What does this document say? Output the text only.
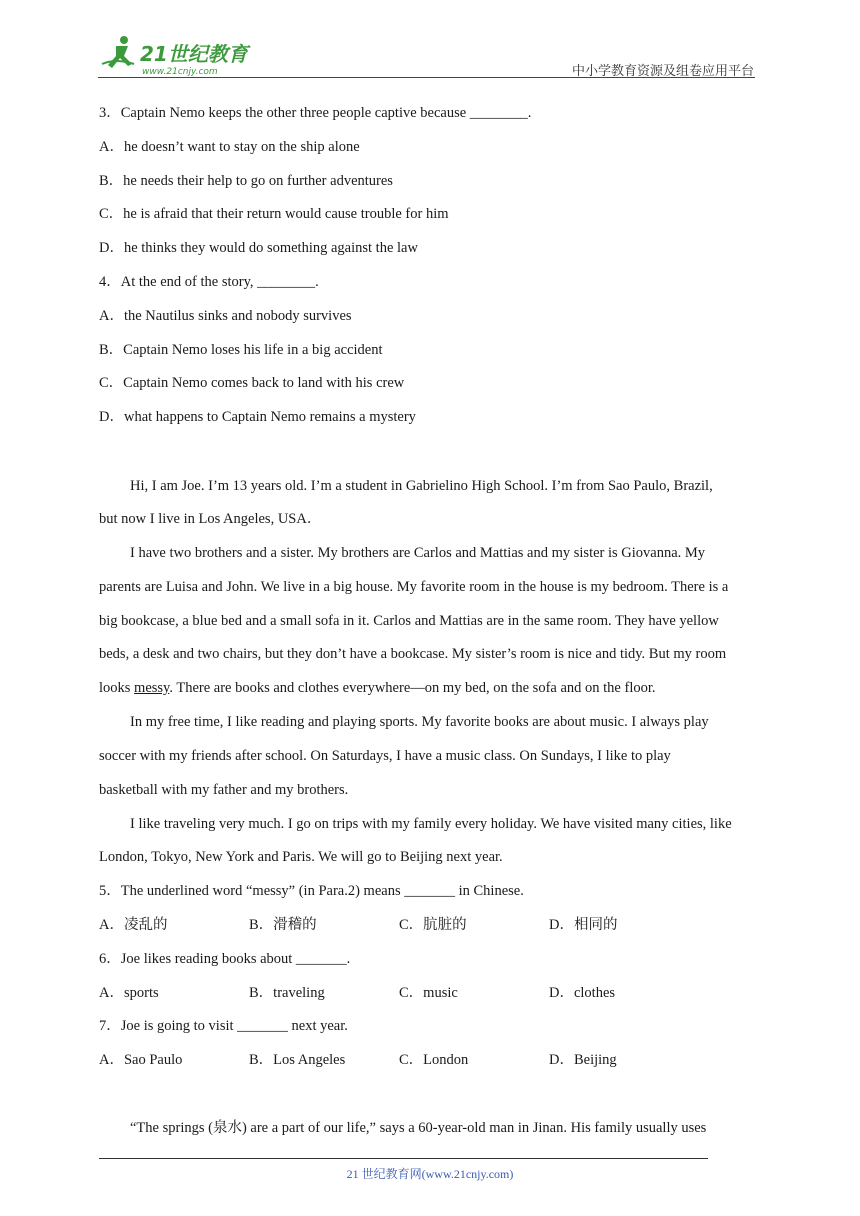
21世纪教育
www.21cnjy.com	中小学教育资源及组卷应用平台
3．Captain Nemo keeps the other three people captive because ________.
A．he doesn’t want to stay on the ship alone
B．he needs their help to go on further adventures
C．he is afraid that their return would cause trouble for him
D．he thinks they would do something against the law
4．At the end of the story, ________.
A．the Nautilus sinks and nobody survives
B．Captain Nemo loses his life in a big accident
C．Captain Nemo comes back to land with his crew
D．what happens to Captain Nemo remains a mystery
Hi, I am Joe. I’m 13 years old. I’m a student in Gabrielino High School. I’m from Sao Paulo, Brazil,
but now I live in Los Angeles, USA．
I have two brothers and a sister. My brothers are Carlos and Mattias and my sister is Giovanna. My
parents are Luisa and John. We live in a big house. My favorite room in the house is my bedroom. There is a
big bookcase, a blue bed and a small sofa in it. Carlos and Mattias are in the same room. They have yellow
beds, a desk and two chairs, but they don’t have a bookcase. My sister’s room is nice and tidy. But my room
looks messy. There are books and clothes everywhere—on my bed, on the sofa and on the floor.
In my free time, I like reading and playing sports. My favorite books are about music. I always play
soccer with my friends after school. On Saturdays, I have a music class. On Sundays, I like to play
basketball with my father and my brothers.
I like traveling very much. I go on trips with my family every holiday. We have visited many cities, like
London, Tokyo, New York and Paris. We will go to Beijing next year.
5．The underlined word “messy” (in Para.2) means _______ in Chinese.
A．凌乱的	B．滑稽的	C．肮脏的	D．相同的
6．Joe likes reading books about _______.
A．sports	B．traveling	C．music	D．clothes
7．Joe is going to visit _______ next year.
A．Sao Paulo	B．Los Angeles	C．London	D．Beijing
“The springs (泉水) are a part of our life,” says a 60-year-old man in Jinan. His family usually uses
21 世纪教育网(www.21cnjy.com)
